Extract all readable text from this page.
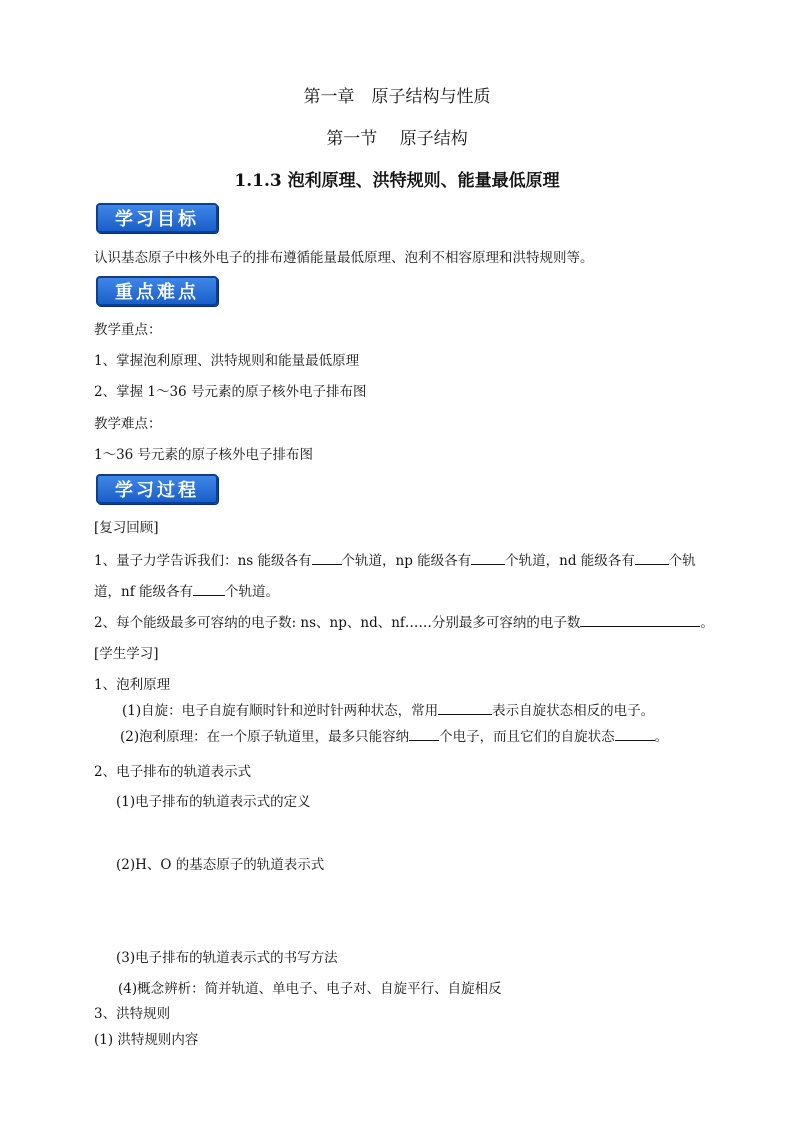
第一章　原子结构与性质
第一节　 原子结构
1.1.3 泡利原理、洪特规则、能量最低原理
学习目标
认识基态原子中核外电子的排布遵循能量最低原理、泡利不相容原理和洪特规则等。
重点难点
教学重点：
1、掌握泡利原理、洪特规则和能量最低原理
2、掌握 1～36 号元素的原子核外电子排布图
教学难点：
1～36 号元素的原子核外电子排布图
学习过程
[复习回顾]
1、量子力学告诉我们：ns 能级各有 个轨道，np 能级各有	个轨道，nd 能级各有	个轨
道，nf 能级各有 个轨道。
2、每个能级最多可容纳的电子数: ns、np、nd、nf……分别最多可容纳的电子数	。
[学生学习]
1、泡利原理
(1)自旋：电子自旋有顺时针和逆时针两种状态，常用	表示自旋状态相反的电子。
(2)泡利原理：在一个原子轨道里，最多只能容纳 个电子，而且它们的自旋状态	。
2、电子排布的轨道表示式
(1)电子排布的轨道表示式的定义
(2)H、O 的基态原子的轨道表示式
(3)电子排布的轨道表示式的书写方法
(4)概念辨析：简并轨道、单电子、电子对、自旋平行、自旋相反
3、洪特规则
(1) 洪特规则内容
